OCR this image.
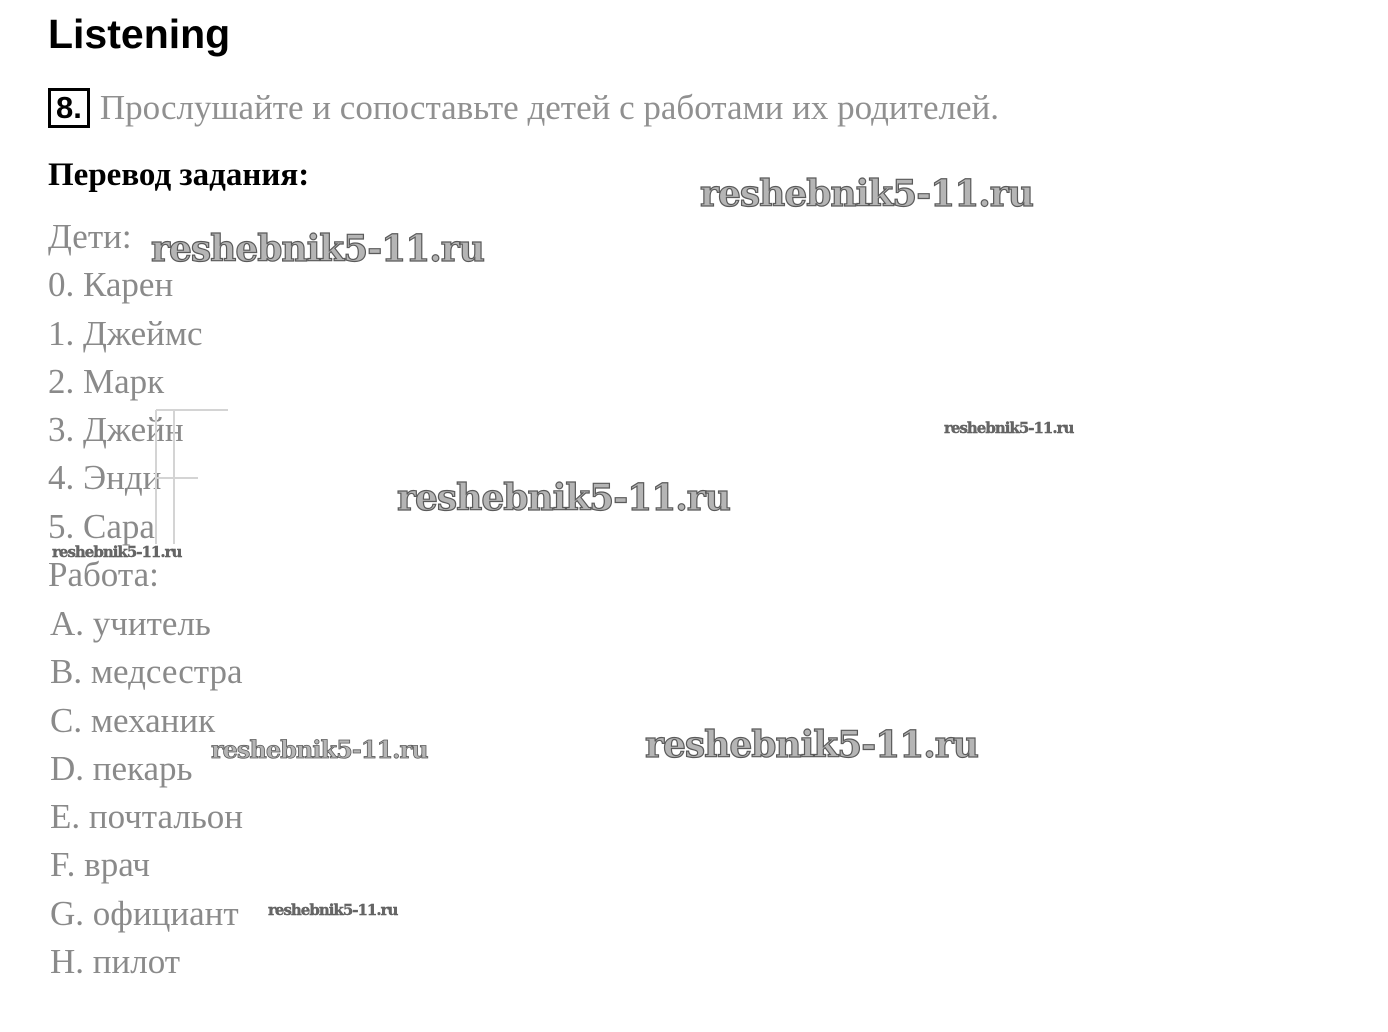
Listening
8. Прослушайте и сопоставьте детей с работами их родителей.
Перевод задания:
Дети:
0. Карен
1. Джеймс
2. Марк
3. Джейн
4. Энди
5. Сара
Работа:
A. учитель
B. медсестра
C. механик
D. пекарь
E. почтальон
F. врач
G. официант
H. пилот
reshebnik5-11.ru
reshebnik5-11.ru
reshebnik5-11.ru
reshebnik5-11.ru
reshebnik5-11.ru
reshebnik5-11.ru	reshebnik5-11.ru
reshebnik5-11.ru
